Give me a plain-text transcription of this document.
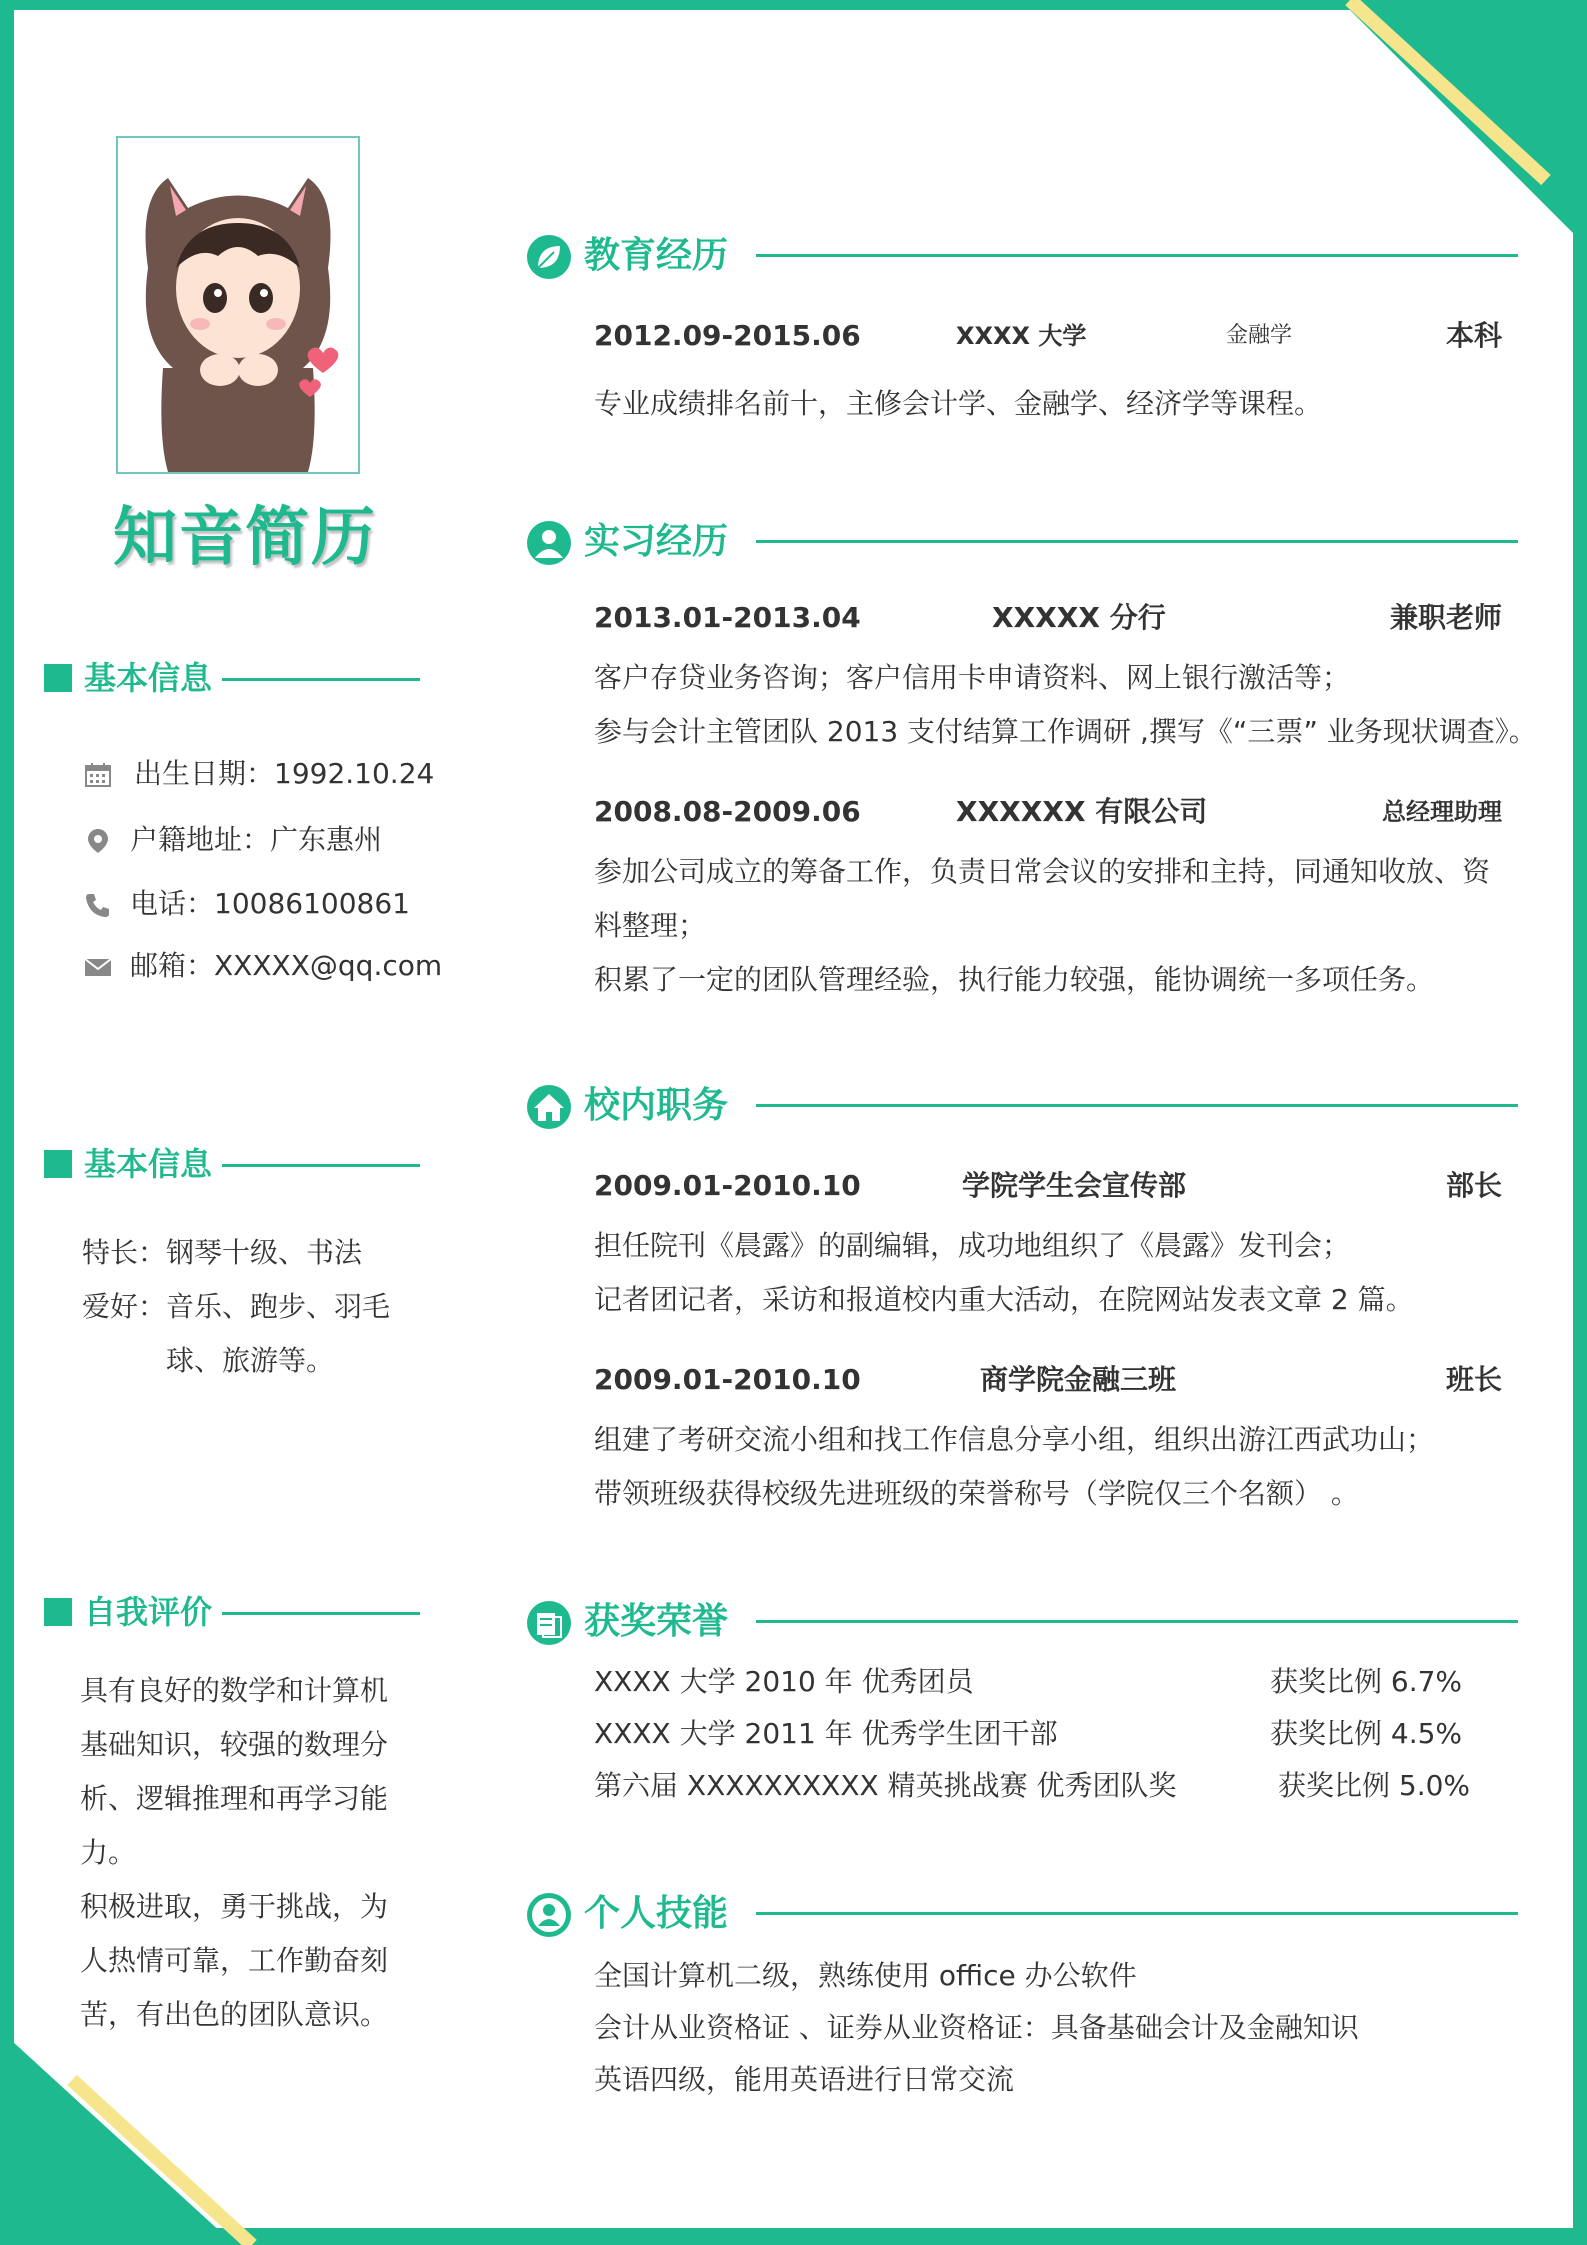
知音简历
基本信息
出生日期：1992.10.24
户籍地址：广东惠州
电话：10086100861
邮箱：XXXXX@qq.com
基本信息
特长：钢琴十级、书法
爱好：音乐、跑步、羽毛
球、旅游等。
自我评价
具有良好的数学和计算机
基础知识，较强的数理分
析、逻辑推理和再学习能
力。
积极进取，勇于挑战，为
人热情可靠，工作勤奋刻
苦，有出色的团队意识。
教育经历
2012.09-2015.06	XXXX 大学	金融学	本科
专业成绩排名前十，主修会计学、金融学、经济学等课程。
实习经历
2013.01-2013.04	XXXXX 分行	兼职老师
客户存贷业务咨询；客户信用卡申请资料、网上银行激活等；
参与会计主管团队 2013 支付结算工作调研 ,撰写《“三票” 业务现状调查》。
2008.08-2009.06	XXXXXX 有限公司	总经理助理
参加公司成立的筹备工作，负责日常会议的安排和主持，同通知收放、资
料整理；
积累了一定的团队管理经验，执行能力较强，能协调统一多项任务。
校内职务
2009.01-2010.10	学院学生会宣传部	部长
担任院刊《晨露》的副编辑，成功地组织了《晨露》发刊会；
记者团记者，采访和报道校内重大活动，在院网站发表文章 2 篇。
2009.01-2010.10	商学院金融三班	班长
组建了考研交流小组和找工作信息分享小组，组织出游江西武功山；
带领班级获得校级先进班级的荣誉称号（学院仅三个名额） 。
获奖荣誉
XXXX 大学 2010 年 优秀团员	获奖比例 6.7%
XXXX 大学 2011 年 优秀学生团干部	获奖比例 4.5%
第六届 XXXXXXXXXX 精英挑战赛 优秀团队奖	获奖比例 5.0%
个人技能
全国计算机二级，熟练使用 office 办公软件
会计从业资格证 、证券从业资格证：具备基础会计及金融知识
英语四级，能用英语进行日常交流
